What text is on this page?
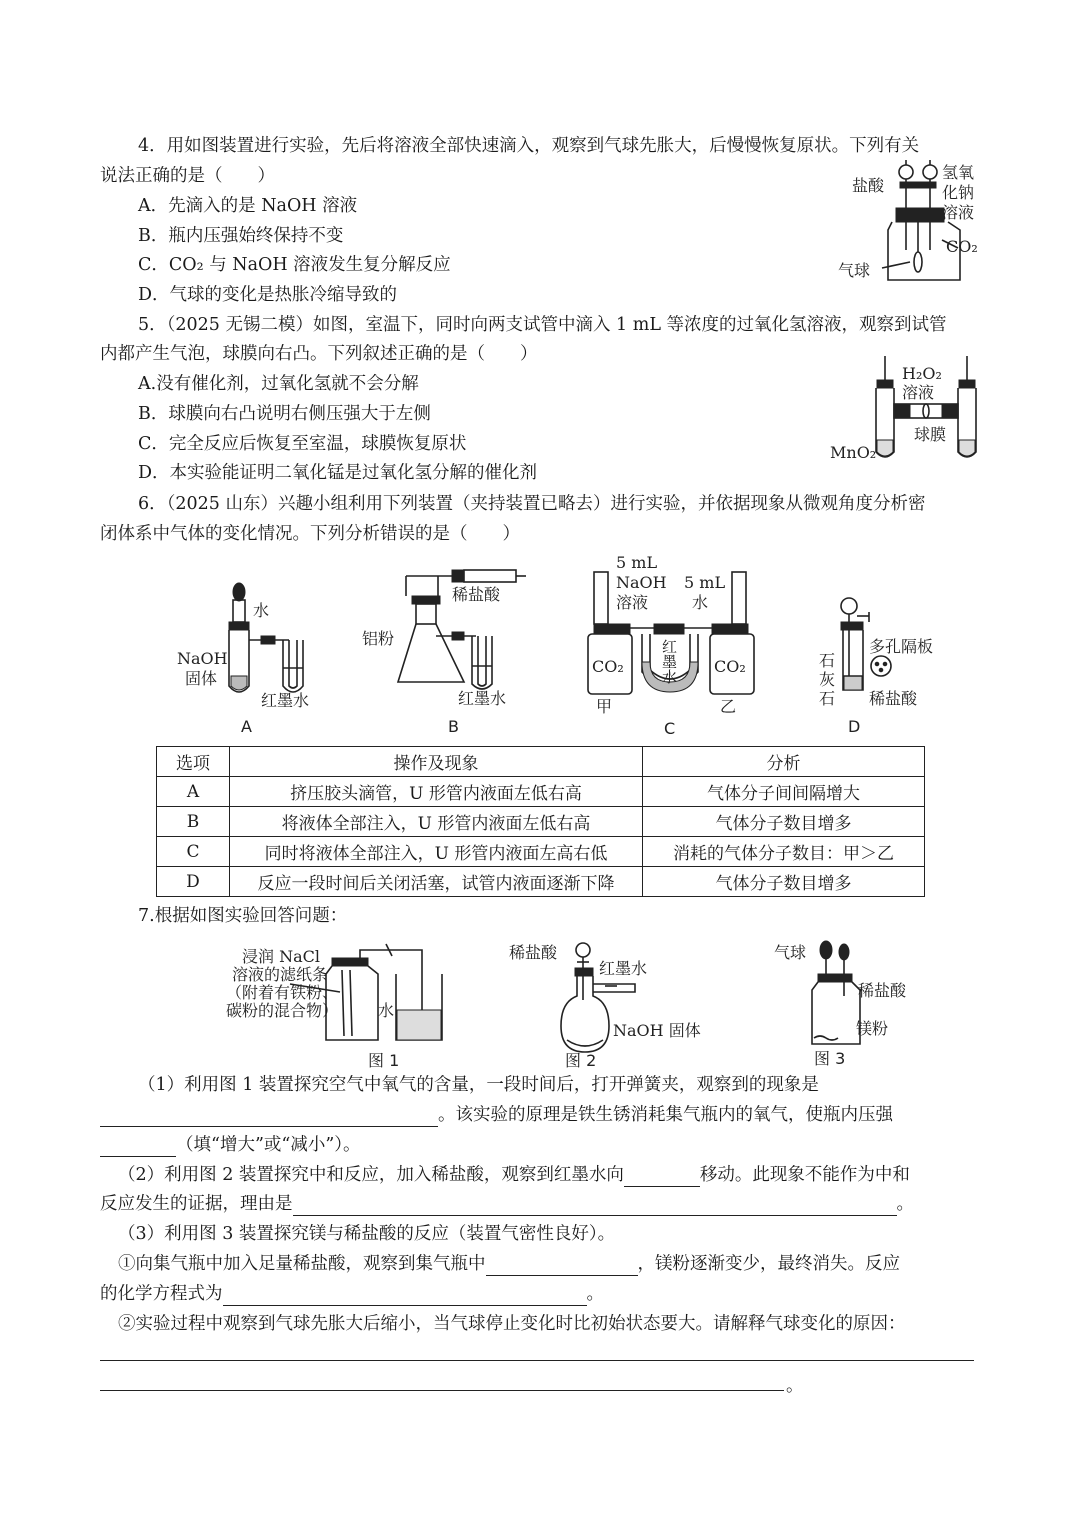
4．用如图装置进行实验，先后将溶液全部快速滴入，观察到气球先胀大，后慢慢恢复原状。下列有关
说法正确的是（　　）
A．先滴入的是 NaOH 溶液
B．瓶内压强始终保持不变
C．CO₂ 与 NaOH 溶液发生复分解反应
D．气球的变化是热胀冷缩导致的
盐酸
氢氧
化钠
溶液
CO₂
气球
5．（2025 无锡二模）如图，室温下，同时向两支试管中滴入 1 mL 等浓度的过氧化氢溶液，观察到试管
内都产生气泡，球膜向右凸。下列叙述正确的是（　　）
A.没有催化剂，过氧化氢就不会分解
B．球膜向右凸说明右侧压强大于左侧
C．完全反应后恢复至室温，球膜恢复原状
D．本实验能证明二氧化锰是过氧化氢分解的催化剂
H₂O₂
溶液
球膜
MnO₂
6．（2025 山东）兴趣小组利用下列装置（夹持装置已略去）进行实验，并依据现象从微观角度分析密
闭体系中气体的变化情况。下列分析错误的是（　　）
水
NaOH
固体
红墨水
A
稀盐酸
铝粉
红墨水
B
5 mL
NaOH
溶液
5 mL
水
红
墨
水
CO₂	CO₂
甲	乙
C
多孔隔板
石
灰
石 稀盐酸
D
选项	操作及现象	分析
A	挤压胶头滴管，U 形管内液面左低右高	气体分子间间隔增大
B	将液体全部注入，U 形管内液面左低右高	气体分子数目增多
C	同时将液体全部注入，U 形管内液面左高右低	消耗的气体分子数目：甲＞乙
D	反应一段时间后关闭活塞，试管内液面逐渐下降	气体分子数目增多
7.根据如图实验回答问题：
浸润 NaCl
溶液的滤纸条
（附着有铁粉、
碳粉的混合物） 水
图 1
稀盐酸
红墨水
NaOH 固体
图 2
气球
稀盐酸
镁粉
图 3
（1）利用图 1 装置探究空气中氧气的含量，一段时间后，打开弹簧夹，观察到的现象是
。该实验的原理是铁生锈消耗集气瓶内的氧气，使瓶内压强
（填“增大”或“减小”）。
（2）利用图 2 装置探究中和反应，加入稀盐酸，观察到红墨水向	移动。此现象不能作为中和
反应发生的证据，理由是	。
（3）利用图 3 装置探究镁与稀盐酸的反应（装置气密性良好）。
①向集气瓶中加入足量稀盐酸，观察到集气瓶中	，镁粉逐渐变少，最终消失。反应
的化学方程式为	。
②实验过程中观察到气球先胀大后缩小，当气球停止变化时比初始状态要大。请解释气球变化的原因：
。
